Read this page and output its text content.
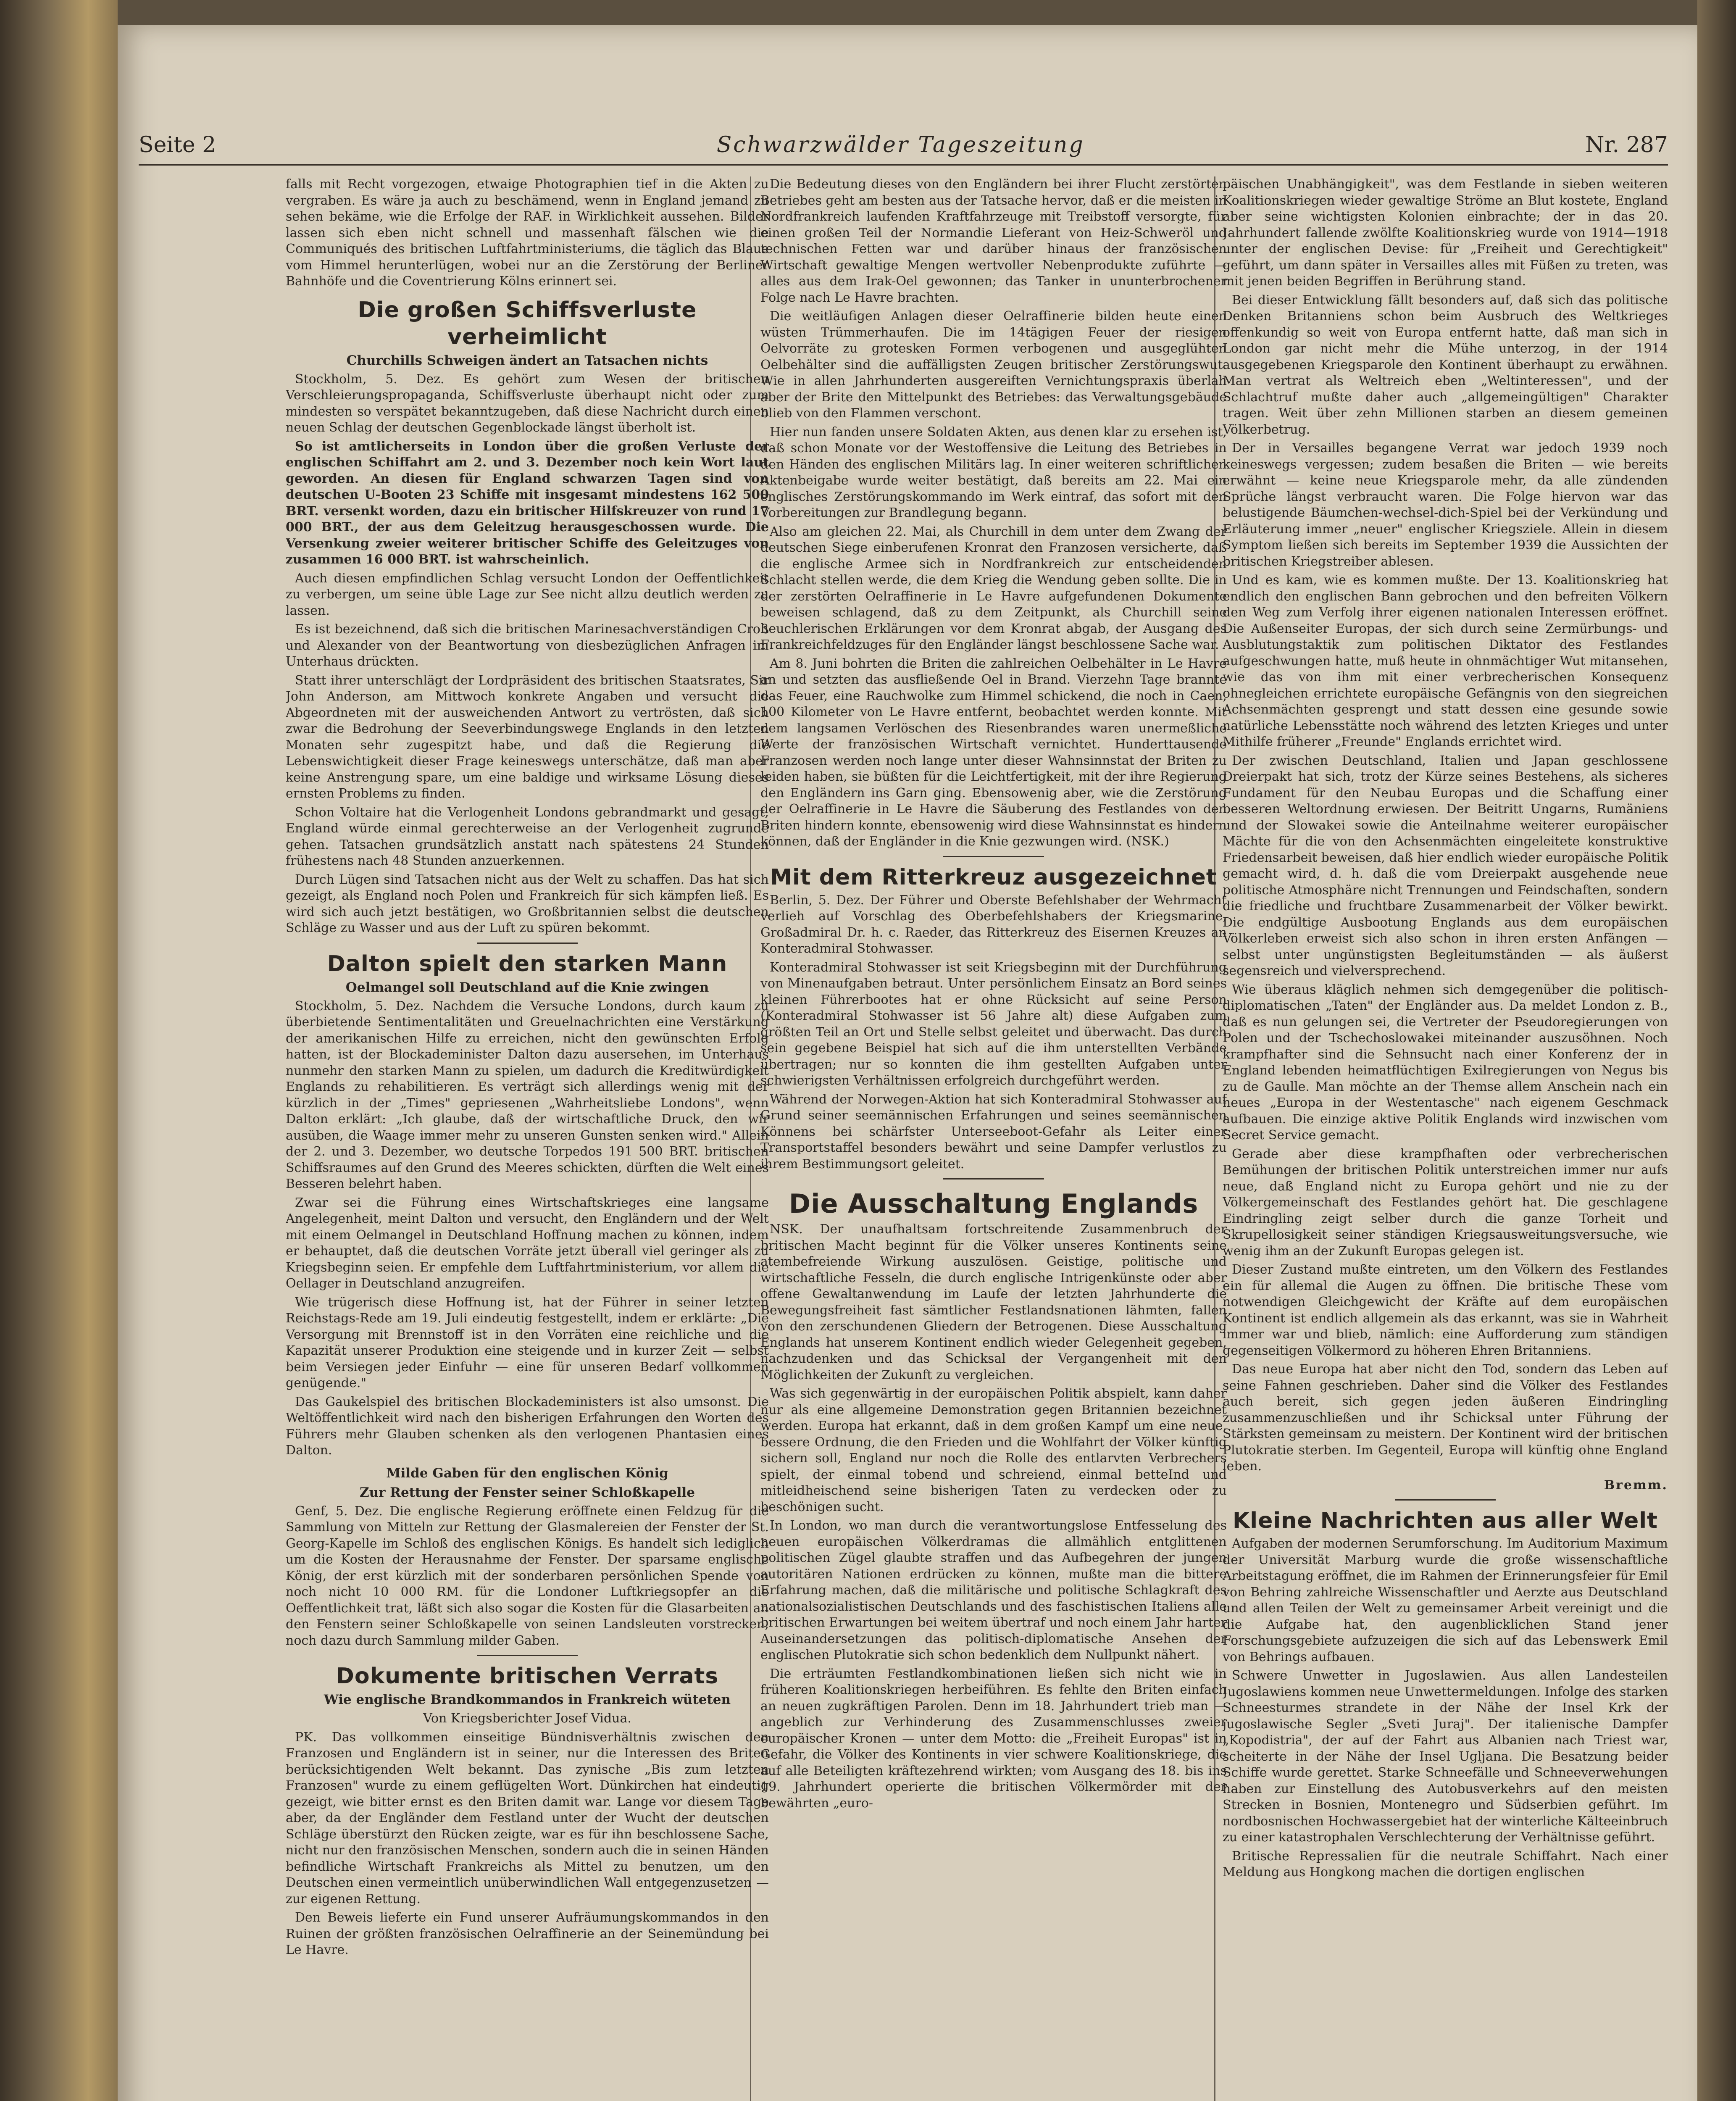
Seite 2	Schwarzwälder Tageszeitung	Nr. 287

falls mit Recht vorgezogen, etwaige Photographien tief in die Akten zu vergraben. Es wäre ja auch zu beschämend, wenn in England jemand zu sehen bekäme, wie die Erfolge der RAF. in Wirklichkeit aussehen. Bilder lassen sich eben nicht schnell und massenhaft fälschen wie die Communiqués des britischen Luftfahrtministeriums, die täglich das Blaue vom Himmel herunterlügen, wobei nur an die Zerstörung der Berliner Bahnhöfe und die Coventrierung Kölns erinnert sei.

Die großen Schiffsverluste verheimlicht
Churchills Schweigen ändert an Tatsachen nichts

Stockholm, 5. Dez. Es gehört zum Wesen der britischen Verschleierungspropaganda, Schiffsverluste überhaupt nicht oder zum mindesten so verspätet bekanntzugeben, daß diese Nachricht durch einen neuen Schlag der deutschen Gegenblockade längst überholt ist.

So ist amtlicherseits in London über die großen Verluste der englischen Schiffahrt am 2. und 3. Dezember noch kein Wort laut geworden. An diesen für England schwarzen Tagen sind von deutschen U-Booten 23 Schiffe mit insgesamt mindestens 162 500 BRT. versenkt worden, dazu ein britischer Hilfskreuzer von rund 17 000 BRT., der aus dem Geleitzug herausgeschossen wurde. Die Versenkung zweier weiterer britischer Schiffe des Geleitzuges von zusammen 16 000 BRT. ist wahrscheinlich.

Auch diesen empfindlichen Schlag versucht London der Oeffentlichkeit zu verbergen, um seine üble Lage zur See nicht allzu deutlich werden zu lassen.

Es ist bezeichnend, daß sich die britischen Marinesachverständigen Croß und Alexander von der Beantwortung von diesbezüglichen Anfragen im Unterhaus drückten.

Statt ihrer unterschlägt der Lordpräsident des britischen Staatsrates, Sir John Anderson, am Mittwoch konkrete Angaben und versucht die Abgeordneten mit der ausweichenden Antwort zu vertrösten, daß sich zwar die Bedrohung der Seeverbindungswege Englands in den letzten Monaten sehr zugespitzt habe, und daß die Regierung die Lebenswichtigkeit dieser Frage keineswegs unterschätze, daß man aber keine Anstrengung spare, um eine baldige und wirksame Lösung dieses ernsten Problems zu finden.

Schon Voltaire hat die Verlogenheit Londons gebrandmarkt und gesagt, England würde einmal gerechterweise an der Verlogenheit zugrunde gehen. Tatsachen grundsätzlich anstatt nach spätestens 24 Stunden frühestens nach 48 Stunden anzuerkennen.

Durch Lügen sind Tatsachen nicht aus der Welt zu schaffen. Das hat sich gezeigt, als England noch Polen und Frankreich für sich kämpfen ließ. Es wird sich auch jetzt bestätigen, wo Großbritannien selbst die deutschen Schläge zu Wasser und aus der Luft zu spüren bekommt.

Dalton spielt den starken Mann
Oelmangel soll Deutschland auf die Knie zwingen

Stockholm, 5. Dez. Nachdem die Versuche Londons, durch kaum zu überbietende Sentimentalitäten und Greuelnachrichten eine Verstärkung der amerikanischen Hilfe zu erreichen, nicht den gewünschten Erfolg hatten, ist der Blockademinister Dalton dazu ausersehen, im Unterhaus nunmehr den starken Mann zu spielen, um dadurch die Kreditwürdigkeit Englands zu rehabilitieren. Es verträgt sich allerdings wenig mit der kürzlich in der „Times" gepriesenen „Wahrheitsliebe Londons", wenn Dalton erklärt: „Ich glaube, daß der wirtschaftliche Druck, den wir ausüben, die Waage immer mehr zu unseren Gunsten senken wird." Allein der 2. und 3. Dezember, wo deutsche Torpedos 191 500 BRT. britischen Schiffsraumes auf den Grund des Meeres schickten, dürften die Welt eines Besseren belehrt haben.

Zwar sei die Führung eines Wirtschaftskrieges eine langsame Angelegenheit, meint Dalton und versucht, den Engländern und der Welt mit einem Oelmangel in Deutschland Hoffnung machen zu können, indem er behauptet, daß die deutschen Vorräte jetzt überall viel geringer als zu Kriegsbeginn seien. Er empfehle dem Luftfahrtministerium, vor allem die Oellager in Deutschland anzugreifen.

Wie trügerisch diese Hoffnung ist, hat der Führer in seiner letzten Reichstags-Rede am 19. Juli eindeutig festgestellt, indem er erklärte: „Die Versorgung mit Brennstoff ist in den Vorräten eine reichliche und die Kapazität unserer Produktion eine steigende und in kurzer Zeit — selbst beim Versiegen jeder Einfuhr — eine für unseren Bedarf vollkommen genügende."

Das Gaukelspiel des britischen Blockadeministers ist also umsonst. Die Weltöffentlichkeit wird nach den bisherigen Erfahrungen den Worten des Führers mehr Glauben schenken als den verlogenen Phantasien eines Dalton.

Milde Gaben für den englischen König
Zur Rettung der Fenster seiner Schloßkapelle

Genf, 5. Dez. Die englische Regierung eröffnete einen Feldzug für die Sammlung von Mitteln zur Rettung der Glasmalereien der Fenster der St. Georg-Kapelle im Schloß des englischen Königs. Es handelt sich lediglich um die Kosten der Herausnahme der Fenster. Der sparsame englische König, der erst kürzlich mit der sonderbaren persönlichen Spende von noch nicht 10 000 RM. für die Londoner Luftkriegsopfer an die Oeffentlichkeit trat, läßt sich also sogar die Kosten für die Glasarbeiten an den Fenstern seiner Schloßkapelle von seinen Landsleuten vorstrecken, noch dazu durch Sammlung milder Gaben.

Dokumente britischen Verrats
Wie englische Brandkommandos in Frankreich wüteten
Von Kriegsberichter Josef Vidua.

PK. Das vollkommen einseitige Bündnisverhältnis zwischen den Franzosen und Engländern ist in seiner, nur die Interessen des Briten berücksichtigenden Welt bekannt. Das zynische „Bis zum letzten Franzosen" wurde zu einem geflügelten Wort. Dünkirchen hat eindeutig gezeigt, wie bitter ernst es den Briten damit war. Lange vor diesem Tage aber, da der Engländer dem Festland unter der Wucht der deutschen Schläge überstürzt den Rücken zeigte, war es für ihn beschlossene Sache, nicht nur den französischen Menschen, sondern auch die in seinen Händen befindliche Wirtschaft Frankreichs als Mittel zu benutzen, um den Deutschen einen vermeintlich unüberwindlichen Wall entgegenzusetzen — zur eigenen Rettung.

Den Beweis lieferte ein Fund unserer Aufräumungskommandos in den Ruinen der größten französischen Oelraffinerie an der Seinemündung bei Le Havre.

Die Bedeutung dieses von den Engländern bei ihrer Flucht zerstörten Betriebes geht am besten aus der Tatsache hervor, daß er die meisten in Nordfrankreich laufenden Kraftfahrzeuge mit Treibstoff versorgte, für einen großen Teil der Normandie Lieferant von Heiz-Schweröl und technischen Fetten war und darüber hinaus der französischen Wirtschaft gewaltige Mengen wertvoller Nebenprodukte zuführte — alles aus dem Irak-Oel gewonnen; das Tanker in ununterbrochener Folge nach Le Havre brachten.

Die weitläufigen Anlagen dieser Oelraffinerie bilden heute einen wüsten Trümmerhaufen. Die im 14tägigen Feuer der riesigen Oelvorräte zu grotesken Formen verbogenen und ausgeglühten Oelbehälter sind die auffälligsten Zeugen britischer Zerstörungswut. Wie in allen Jahrhunderten ausgereiften Vernichtungspraxis überlah aber der Brite den Mittelpunkt des Betriebes: das Verwaltungsgebäude blieb von den Flammen verschont.

Hier nun fanden unsere Soldaten Akten, aus denen klar zu ersehen ist, daß schon Monate vor der Westoffensive die Leitung des Betriebes in den Händen des englischen Militärs lag. In einer weiteren schriftlichen Aktenbeigabe wurde weiter bestätigt, daß bereits am 22. Mai ein englisches Zerstörungskommando im Werk eintraf, das sofort mit den Vorbereitungen zur Brandlegung begann.

Also am gleichen 22. Mai, als Churchill in dem unter dem Zwang der deutschen Siege einberufenen Kronrat den Franzosen versicherte, daß die englische Armee sich in Nordfrankreich zur entscheidenden Schlacht stellen werde, die dem Krieg die Wendung geben sollte. Die in der zerstörten Oelraffinerie in Le Havre aufgefundenen Dokumente beweisen schlagend, daß zu dem Zeitpunkt, als Churchill seine heuchlerischen Erklärungen vor dem Kronrat abgab, der Ausgang des Frankreichfeldzuges für den Engländer längst beschlossene Sache war.

Am 8. Juni bohrten die Briten die zahlreichen Oelbehälter in Le Havre an und setzten das ausfließende Oel in Brand. Vierzehn Tage brannte das Feuer, eine Rauchwolke zum Himmel schickend, die noch in Caen, 100 Kilometer von Le Havre entfernt, beobachtet werden konnte. Mit dem langsamen Verlöschen des Riesenbrandes waren unermeßliche Werte der französischen Wirtschaft vernichtet. Hunderttausende Franzosen werden noch lange unter dieser Wahnsinnstat der Briten zu leiden haben, sie büßten für die Leichtfertigkeit, mit der ihre Regierung den Engländern ins Garn ging. Ebensowenig aber, wie die Zerstörung der Oelraffinerie in Le Havre die Säuberung des Festlandes von den Briten hindern konnte, ebensowenig wird diese Wahnsinnstat es hindern können, daß der Engländer in die Knie gezwungen wird. (NSK.)

Mit dem Ritterkreuz ausgezeichnet

Berlin, 5. Dez. Der Führer und Oberste Befehlshaber der Wehrmacht verlieh auf Vorschlag des Oberbefehlshabers der Kriegsmarine, Großadmiral Dr. h. c. Raeder, das Ritterkreuz des Eisernen Kreuzes an Konteradmiral Stohwasser.

Konteradmiral Stohwasser ist seit Kriegsbeginn mit der Durchführung von Minenaufgaben betraut. Unter persönlichem Einsatz an Bord seines kleinen Führerbootes hat er ohne Rücksicht auf seine Person (Konteradmiral Stohwasser ist 56 Jahre alt) diese Aufgaben zum größten Teil an Ort und Stelle selbst geleitet und überwacht. Das durch sein gegebene Beispiel hat sich auf die ihm unterstellten Verbände übertragen; nur so konnten die ihm gestellten Aufgaben unter schwierigsten Verhältnissen erfolgreich durchgeführt werden.

Während der Norwegen-Aktion hat sich Konteradmiral Stohwasser auf Grund seiner seemännischen Erfahrungen und seines seemännischen Könnens bei schärfster Unterseeboot-Gefahr als Leiter einer Transportstaffel besonders bewährt und seine Dampfer verlustlos zu ihrem Bestimmungsort geleitet.

Die Ausschaltung Englands

NSK. Der unaufhaltsam fortschreitende Zusammenbruch der britischen Macht beginnt für die Völker unseres Kontinents seine atembefreiende Wirkung auszulösen. Geistige, politische und wirtschaftliche Fesseln, die durch englische Intrigenkünste oder aber offene Gewaltanwendung im Laufe der letzten Jahrhunderte die Bewegungsfreiheit fast sämtlicher Festlandsnationen lähmten, fallen von den zerschundenen Gliedern der Betrogenen. Diese Ausschaltung Englands hat unserem Kontinent endlich wieder Gelegenheit gegeben, nachzudenken und das Schicksal der Vergangenheit mit den Möglichkeiten der Zukunft zu vergleichen.

Was sich gegenwärtig in der europäischen Politik abspielt, kann daher nur als eine allgemeine Demonstration gegen Britannien bezeichnet werden. Europa hat erkannt, daß in dem großen Kampf um eine neue, bessere Ordnung, die den Frieden und die Wohlfahrt der Völker künftig sichern soll, England nur noch die Rolle des entlarvten Verbrechers spielt, der einmal tobend und schreiend, einmal betteInd und mitleidheischend seine bisherigen Taten zu verdecken oder zu beschönigen sucht.

In London, wo man durch die verantwortungslose Entfesselung des neuen europäischen Völkerdramas die allmählich entglittenen politischen Zügel glaubte straffen und das Aufbegehren der jungen autoritären Nationen erdrücken zu können, mußte man die bittere Erfahrung machen, daß die militärische und politische Schlagkraft des nationalsozialistischen Deutschlands und des faschistischen Italiens alle britischen Erwartungen bei weitem übertraf und noch einem Jahr harter Auseinandersetzungen das politisch-diplomatische Ansehen der englischen Plutokratie sich schon bedenklich dem Nullpunkt nähert.

Die erträumten Festlandkombinationen ließen sich nicht wie in früheren Koalitionskriegen herbeiführen. Es fehlte den Briten einfach an neuen zugkräftigen Parolen. Denn im 18. Jahrhundert trieb man — angeblich zur Verhinderung des Zusammenschlusses zweier europäischer Kronen — unter dem Motto: die „Freiheit Europas" ist in Gefahr, die Völker des Kontinents in vier schwere Koalitionskriege, die auf alle Beteiligten kräftezehrend wirkten; vom Ausgang des 18. bis ins 19. Jahrhundert operierte die britischen Völkermörder mit der bewährten „euro-

päischen Unabhängigkeit", was dem Festlande in sieben weiteren Koalitionskriegen wieder gewaltige Ströme an Blut kostete, England aber seine wichtigsten Kolonien einbrachte; der in das 20. Jahrhundert fallende zwölfte Koalitionskrieg wurde von 1914—1918 unter der englischen Devise: für „Freiheit und Gerechtigkeit" geführt, um dann später in Versailles alles mit Füßen zu treten, was mit jenen beiden Begriffen in Berührung stand.

Bei dieser Entwicklung fällt besonders auf, daß sich das politische Denken Britanniens schon beim Ausbruch des Weltkrieges offenkundig so weit von Europa entfernt hatte, daß man sich in London gar nicht mehr die Mühe unterzog, in der 1914 ausgegebenen Kriegsparole den Kontinent überhaupt zu erwähnen. Man vertrat als Weltreich eben „Weltinteressen", und der Schlachtruf mußte daher auch „allgemeingültigen" Charakter tragen. Weit über zehn Millionen starben an diesem gemeinen Völkerbetrug.

Der in Versailles begangene Verrat war jedoch 1939 noch keineswegs vergessen; zudem besaßen die Briten — wie bereits erwähnt — keine neue Kriegsparole mehr, da alle zündenden Sprüche längst verbraucht waren. Die Folge hiervon war das belustigende Bäumchen-wechsel-dich-Spiel bei der Verkündung und Erläuterung immer „neuer" englischer Kriegsziele. Allein in diesem Symptom ließen sich bereits im September 1939 die Aussichten der britischen Kriegstreiber ablesen.

Und es kam, wie es kommen mußte. Der 13. Koalitionskrieg hat endlich den englischen Bann gebrochen und den befreiten Völkern den Weg zum Verfolg ihrer eigenen nationalen Interessen eröffnet. Die Außenseiter Europas, der sich durch seine Zermürbungs- und Ausblutungstaktik zum politischen Diktator des Festlandes aufgeschwungen hatte, muß heute in ohnmächtiger Wut mitansehen, wie das von ihm mit einer verbrecherischen Konsequenz ohnegleichen errichtete europäische Gefängnis von den siegreichen Achsenmächten gesprengt und statt dessen eine gesunde sowie natürliche Lebensstätte noch während des letzten Krieges und unter Mithilfe früherer „Freunde" Englands errichtet wird.

Der zwischen Deutschland, Italien und Japan geschlossene Dreierpakt hat sich, trotz der Kürze seines Bestehens, als sicheres Fundament für den Neubau Europas und die Schaffung einer besseren Weltordnung erwiesen. Der Beitritt Ungarns, Rumäniens und der Slowakei sowie die Anteilnahme weiterer europäischer Mächte für die von den Achsenmächten eingeleitete konstruktive Friedensarbeit beweisen, daß hier endlich wieder europäische Politik gemacht wird, d. h. daß die vom Dreierpakt ausgehende neue politische Atmosphäre nicht Trennungen und Feindschaften, sondern die friedliche und fruchtbare Zusammenarbeit der Völker bewirkt. Die endgültige Ausbootung Englands aus dem europäischen Völkerleben erweist sich also schon in ihren ersten Anfängen — selbst unter ungünstigsten Begleitumständen — als äußerst segensreich und vielversprechend.

Wie überaus kläglich nehmen sich demgegenüber die politisch-diplomatischen „Taten" der Engländer aus. Da meldet London z. B., daß es nun gelungen sei, die Vertreter der Pseudoregierungen von Polen und der Tschechoslowakei miteinander auszusöhnen. Noch krampfhafter sind die Sehnsucht nach einer Konferenz der in England lebenden heimatflüchtigen Exilregierungen von Negus bis zu de Gaulle. Man möchte an der Themse allem Anschein nach ein neues „Europa in der Westentasche" nach eigenem Geschmack aufbauen. Die einzige aktive Politik Englands wird inzwischen vom Secret Service gemacht.

Gerade aber diese krampfhaften oder verbrecherischen Bemühungen der britischen Politik unterstreichen immer nur aufs neue, daß England nicht zu Europa gehört und nie zu der Völkergemeinschaft des Festlandes gehört hat. Die geschlagene Eindringling zeigt selber durch die ganze Torheit und Skrupellosigkeit seiner ständigen Kriegsausweitungsversuche, wie wenig ihm an der Zukunft Europas gelegen ist.

Dieser Zustand mußte eintreten, um den Völkern des Festlandes ein für allemal die Augen zu öffnen. Die britische These vom notwendigen Gleichgewicht der Kräfte auf dem europäischen Kontinent ist endlich allgemein als das erkannt, was sie in Wahrheit immer war und blieb, nämlich: eine Aufforderung zum ständigen gegenseitigen Völkermord zu höheren Ehren Britanniens.

Das neue Europa hat aber nicht den Tod, sondern das Leben auf seine Fahnen geschrieben. Daher sind die Völker des Festlandes auch bereit, sich gegen jeden äußeren Eindringling zusammenzuschließen und ihr Schicksal unter Führung der Stärksten gemeinsam zu meistern. Der Kontinent wird der britischen Plutokratie sterben. Im Gegenteil, Europa will künftig ohne England leben.

Bremm.
Kleine Nachrichten aus aller Welt

Aufgaben der modernen Serumforschung. Im Auditorium Maximum der Universität Marburg wurde die große wissenschaftliche Arbeitstagung eröffnet, die im Rahmen der Erinnerungsfeier für Emil von Behring zahlreiche Wissenschaftler und Aerzte aus Deutschland und allen Teilen der Welt zu gemeinsamer Arbeit vereinigt und die die Aufgabe hat, den augenblicklichen Stand jener Forschungsgebiete aufzuzeigen die sich auf das Lebenswerk Emil von Behrings aufbauen.

Schwere Unwetter in Jugoslawien. Aus allen Landesteilen Jugoslawiens kommen neue Unwettermeldungen. Infolge des starken Schneesturmes strandete in der Nähe der Insel Krk der jugoslawische Segler „Sveti Juraj". Der italienische Dampfer „Kopodistria", der auf der Fahrt aus Albanien nach Triest war, scheiterte in der Nähe der Insel Ugljana. Die Besatzung beider Schiffe wurde gerettet. Starke Schneefälle und Schneeverwehungen haben zur Einstellung des Autobusverkehrs auf den meisten Strecken in Bosnien, Montenegro und Südserbien geführt. Im nordbosnischen Hochwassergebiet hat der winterliche Kälteeinbruch zu einer katastrophalen Verschlechterung der Verhältnisse geführt.

Britische Repressalien für die neutrale Schiffahrt. Nach einer Meldung aus Hongkong machen die dortigen englischen
